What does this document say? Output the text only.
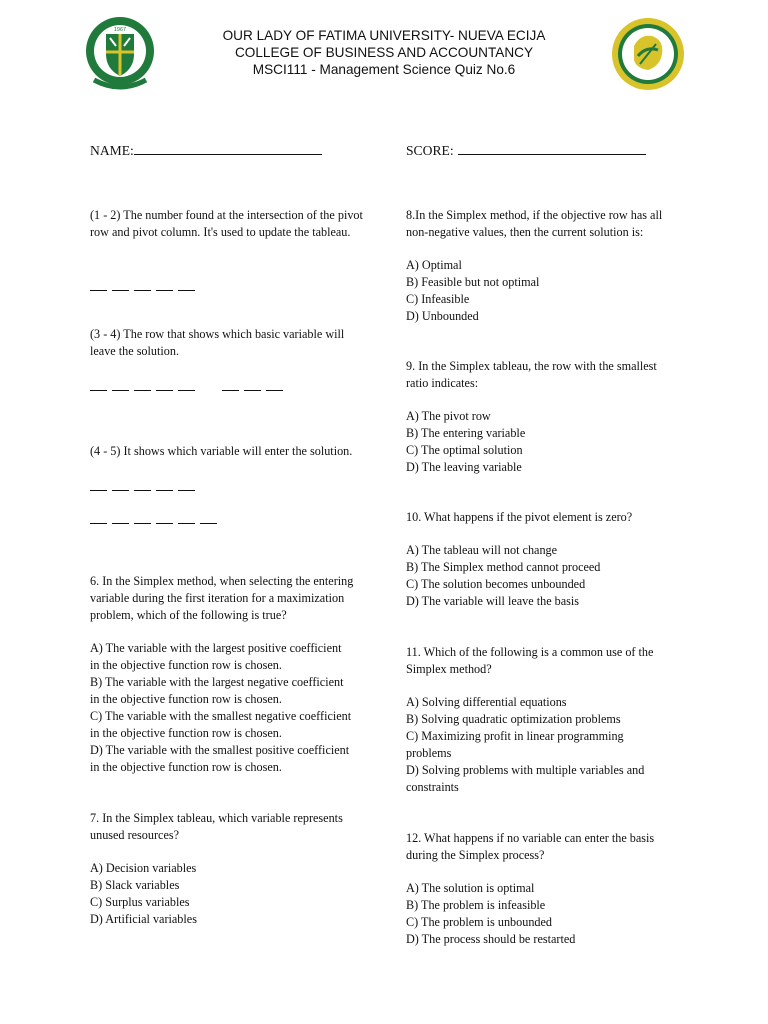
1967	OUR LADY OF FATIMA UNIVERSITY- NUEVA ECIJA
COLLEGE OF BUSINESS AND ACCOUNTANCY
MSCI111 - Management Science Quiz No.6
NAME:	SCORE:

(1 - 2) The number found at the intersection of the pivot row and pivot column. It's used to update the tableau.

(3 - 4) The row that shows which basic variable will leave the solution.

(4 - 5) It shows which variable will enter the solution.

6. In the Simplex method, when selecting the entering variable during the first iteration for a maximization problem, which of the following is true?

A) The variable with the largest positive coefficient
in the objective function row is chosen.
B) The variable with the largest negative coefficient
in the objective function row is chosen.
C) The variable with the smallest negative coefficient
in the objective function row is chosen.
D) The variable with the smallest positive coefficient
in the objective function row is chosen.

7. In the Simplex tableau, which variable represents unused resources?

A) Decision variables
B) Slack variables
C) Surplus variables
D) Artificial variables

8.In the Simplex method, if the objective row has all non-negative values, then the current solution is:

A) Optimal
B) Feasible but not optimal
C) Infeasible
D) Unbounded

9. In the Simplex tableau, the row with the smallest ratio indicates:

A) The pivot row
B) The entering variable
C) The optimal solution
D) The leaving variable

10. What happens if the pivot element is zero?

A) The tableau will not change
B) The Simplex method cannot proceed
C) The solution becomes unbounded
D) The variable will leave the basis

11. Which of the following is a common use of the Simplex method?

A) Solving differential equations
B) Solving quadratic optimization problems
C) Maximizing profit in linear programming
problems
D) Solving problems with multiple variables and
constraints

12. What happens if no variable can enter the basis during the Simplex process?

A) The solution is optimal
B) The problem is infeasible
C) The problem is unbounded
D) The process should be restarted
